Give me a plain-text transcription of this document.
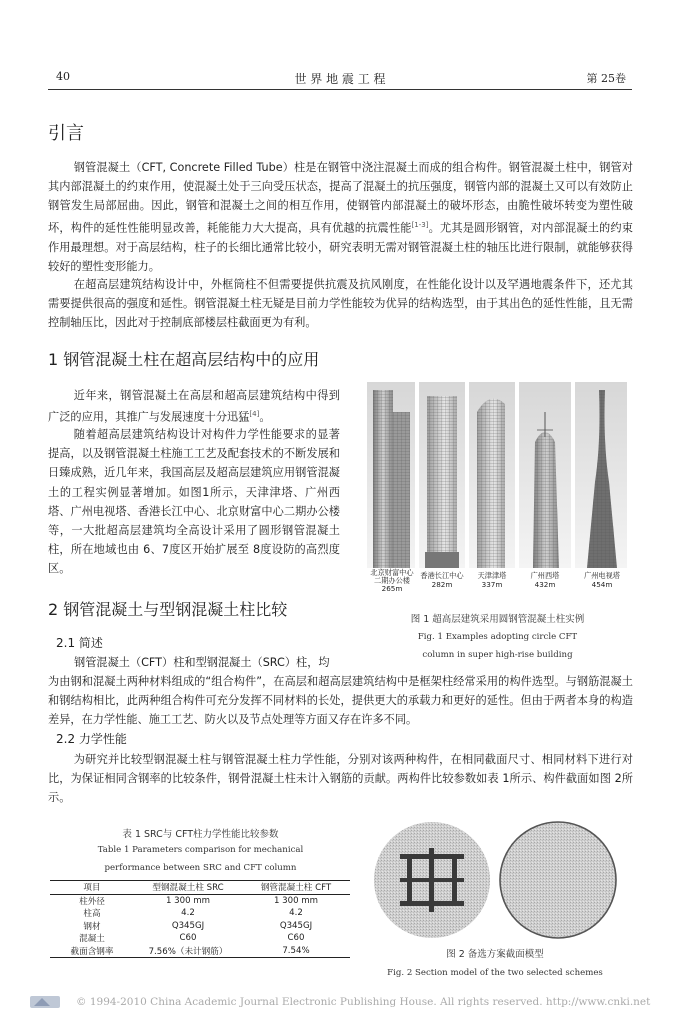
40	世 界 地 震 工 程	第 25卷
引言
钢管混凝土（CFT, Concrete Filled Tube）柱是在钢管中浇注混凝土而成的组合构件。钢管混凝土柱中，钢管对其内部混凝土的约束作用，使混凝土处于三向受压状态，提高了混凝土的抗压强度，钢管内部的混凝土又可以有效防止钢管发生局部屈曲。因此，钢管和混凝土之间的相互作用，使钢管内部混凝土的破坏形态，由脆性破坏转变为塑性破坏，构件的延性性能明显改善，耗能能力大大提高，具有优越的抗震性能[1-3]。尤其是圆形钢管，对内部混凝土的约束作用最理想。对于高层结构，柱子的长细比通常比较小，研究表明无需对钢管混凝土柱的轴压比进行限制，就能够获得较好的塑性变形能力。
在超高层建筑结构设计中，外框筒柱不但需要提供抗震及抗风刚度，在性能化设计以及罕遇地震条件下，还尤其需要提供很高的强度和延性。钢管混凝土柱无疑是目前力学性能较为优异的结构选型，由于其出色的延性性能，且无需控制轴压比，因此对于控制底部楼层柱截面更为有利。
1 钢管混凝土柱在超高层结构中的应用
近年来，钢管混凝土在高层和超高层建筑结构中得到广泛的应用，其推广与发展速度十分迅猛[4]。
随着超高层建筑结构设计对构件力学性能要求的显著提高，以及钢管混凝土柱施工工艺及配套技术的不断发展和日臻成熟，近几年来，我国高层及超高层建筑应用钢管混凝土的工程实例显著增加。如图1所示，天津津塔、广州西塔、广州电视塔、香港长江中心、北京财富中心二期办公楼等，一大批超高层建筑均全高设计采用了圆形钢管混凝土柱，所在地域也由 6、7度区开始扩展至 8度设防的高烈度区。	北京财富中心
二期办公楼
265m
香港长江中心
282m
天津津塔
337m
广州西塔
432m
广州电视塔
454m
图 1 超高层建筑采用圆钢管混凝土柱实例
Fig. 1 Examples adopting circle CFT
column in super high-rise building
2 钢管混凝土与型钢混凝土柱比较
2.1 简述
钢管混凝土（CFT）柱和型钢混凝土（SRC）柱，均
为由钢和混凝土两种材料组成的“组合构件”，在高层和超高层建筑结构中是框架柱经常采用的构件选型。与钢筋混凝土和钢结构相比，此两种组合构件可充分发挥不同材料的长处，提供更大的承载力和更好的延性。但由于两者本身的构造差异，在力学性能、施工工艺、防火以及节点处理等方面又存在许多不同。
2.2 力学性能
为研究并比较型钢混凝土柱与钢管混凝土柱力学性能，分别对该两种构件，在相同截面尺寸、相同材料下进行对比，为保证相同含钢率的比较条件，钢骨混凝土柱未计入钢筋的贡献。两构件比较参数如表 1所示、构件截面如图 2所示。
表 1 SRC与 CFT柱力学性能比较参数
Table 1 Parameters comparison for mechanical
performance between SRC and CFT column
项目	型钢混凝土柱 SRC	钢管混凝土柱 CFT
柱外径	1 300 mm	1 300 mm
柱高	4.2	4.2
钢材	Q345GJ	Q345GJ
混凝土	C60	C60
截面含钢率	7.56%（未计钢筋）	7.54%	图 2 备选方案截面模型
Fig. 2 Section model of the two selected schemes
© 1994-2010 China Academic Journal Electronic Publishing House. All rights reserved. http://www.cnki.net
